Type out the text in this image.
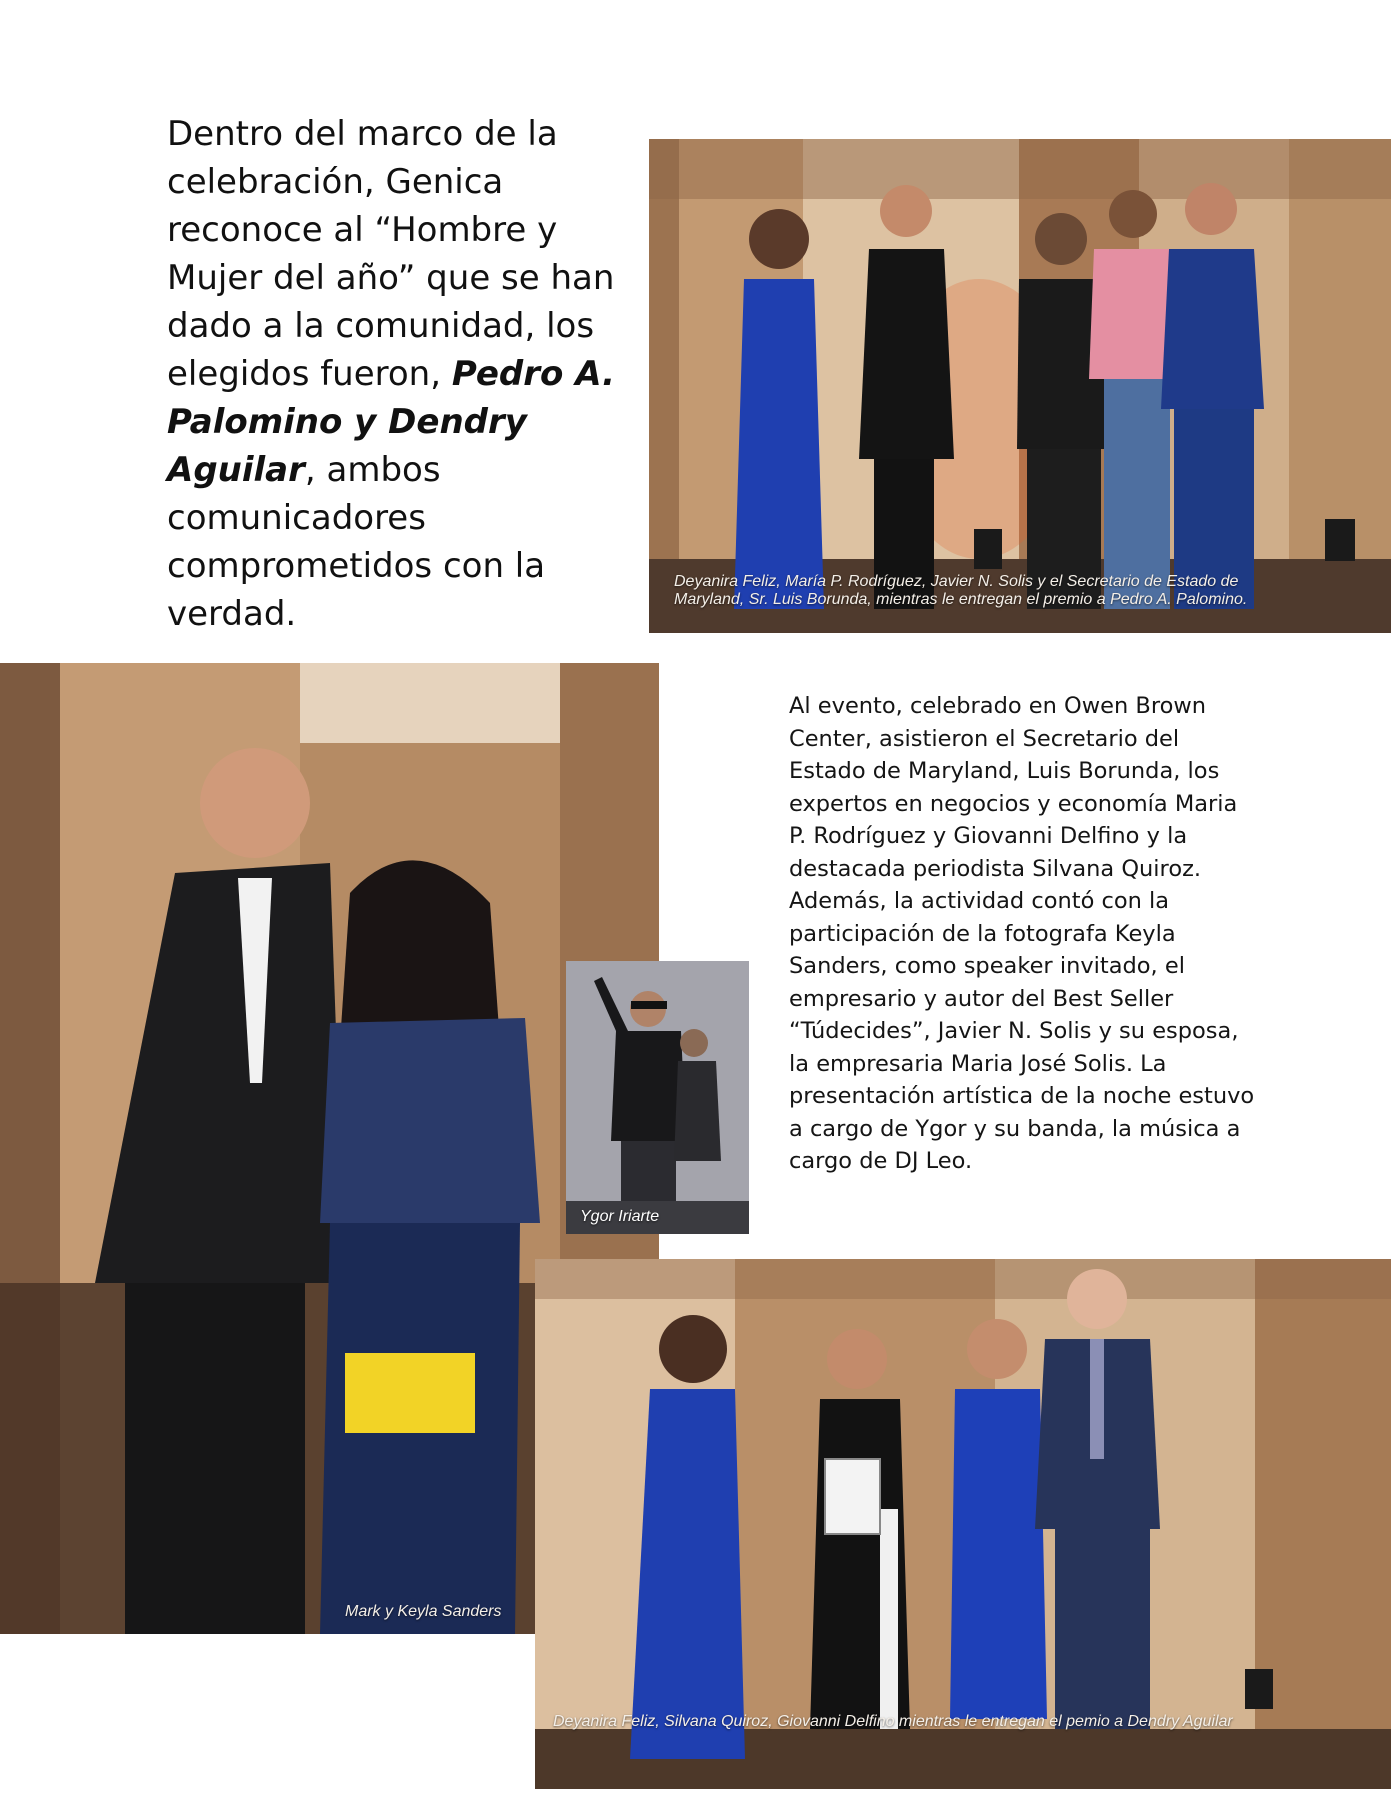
Dentro del marco de la celebración, Genica reconoce al “Hombre y Mujer del año” que se han dado a la comunidad, los elegidos fueron, Pedro A. Palomino y Dendry Aguilar, ambos comunicadores comprometidos con la verdad.

Deyanira Feliz, María P. Rodríguez, Javier N. Solis y el Secretario de Estado de
Maryland, Sr. Luis Borunda, mientras le entregan el premio a Pedro A. Palomino.
Mark y Keyla Sanders
Ygor Iriarte
Deyanira Feliz, Silvana Quiroz, Giovanni Delfino mientras le entregan el pemio a Dendry Aguilar

Al evento, celebrado en Owen Brown Center, asistieron el Secretario del Estado de Maryland, Luis Borunda, los expertos en negocios y economía Maria P. Rodríguez y Giovanni Delfino y la destacada periodista Silvana Quiroz. Además, la actividad contó con la participación de la fotografa Keyla Sanders, como speaker invitado, el empresario y autor del Best Seller “Túdecides”, Javier N. Solis y su esposa, la empresaria Maria José Solis. La presentación artística de la noche estuvo a cargo de Ygor y su banda, la música a cargo de DJ Leo.
